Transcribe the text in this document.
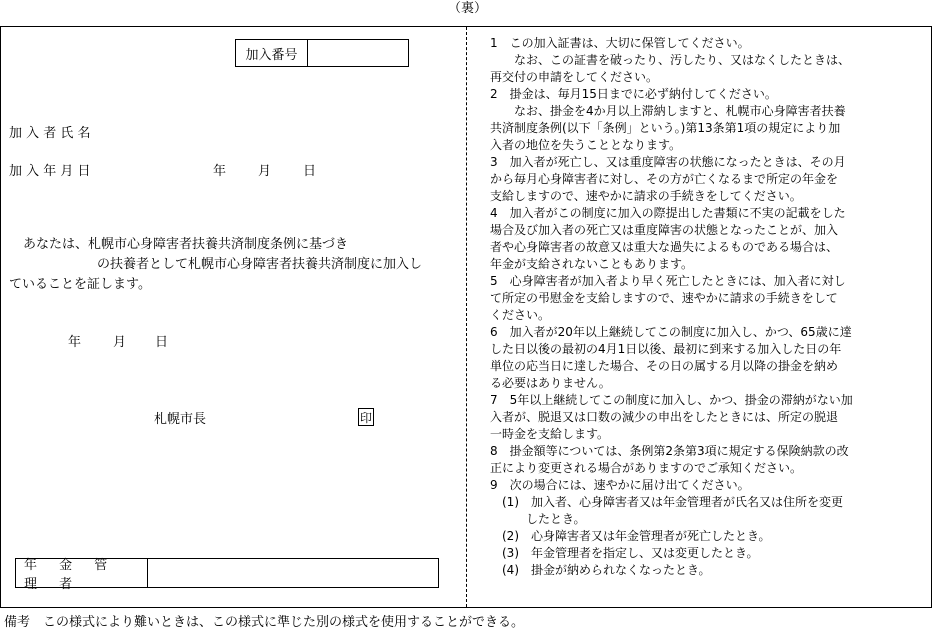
（裏）
加入番号
加 入 者 氏 名
加 入 年 月 日	年 月 日
あなたは、札幌市心身障害者扶養共済制度条例に基づき
の扶養者として札幌市心身障害者扶養共済制度に加入し
ていることを証します。
年 月 日
札幌市長	印
年 金 管 理 者
1　この加入証書は、大切に保管してください。
　　なお、この証書を破ったり、汚したり、又はなくしたときは、
再交付の申請をしてください。
2　掛金は、毎月15日までに必ず納付してください。
　　なお、掛金を4か月以上滞納しますと、札幌市心身障害者扶養
共済制度条例(以下「条例」という。)第13条第1項の規定により加
入者の地位を失うこととなります。
3　加入者が死亡し、又は重度障害の状態になったときは、その月
から毎月心身障害者に対し、その方が亡くなるまで所定の年金を
支給しますので、速やかに請求の手続きをしてください。
4　加入者がこの制度に加入の際提出した書類に不実の記載をした
場合及び加入者の死亡又は重度障害の状態となったことが、加入
者や心身障害者の故意又は重大な過失によるものである場合は、
年金が支給されないこともあります。
5　心身障害者が加入者より早く死亡したときには、加入者に対し
て所定の弔慰金を支給しますので、速やかに請求の手続きをして
ください。
6　加入者が20年以上継続してこの制度に加入し、かつ、65歳に達
した日以後の最初の4月1日以後、最初に到来する加入した日の年
単位の応当日に達した場合、その日の属する月以降の掛金を納め
る必要はありません。
7　5年以上継続してこの制度に加入し、かつ、掛金の滞納がない加
入者が、脱退又は口数の減少の申出をしたときには、所定の脱退
一時金を支給します。
8　掛金額等については、条例第2条第3項に規定する保険納款の改
正により変更される場合がありますのでご承知ください。
9　次の場合には、速やかに届け出てください。
　(1)　加入者、心身障害者又は年金管理者が氏名又は住所を変更
　　　したとき。
　(2)　心身障害者又は年金管理者が死亡したとき。
　(3)　年金管理者を指定し、又は変更したとき。
　(4)　掛金が納められなくなったとき。
備考　この様式により難いときは、この様式に準じた別の様式を使用することができる。
